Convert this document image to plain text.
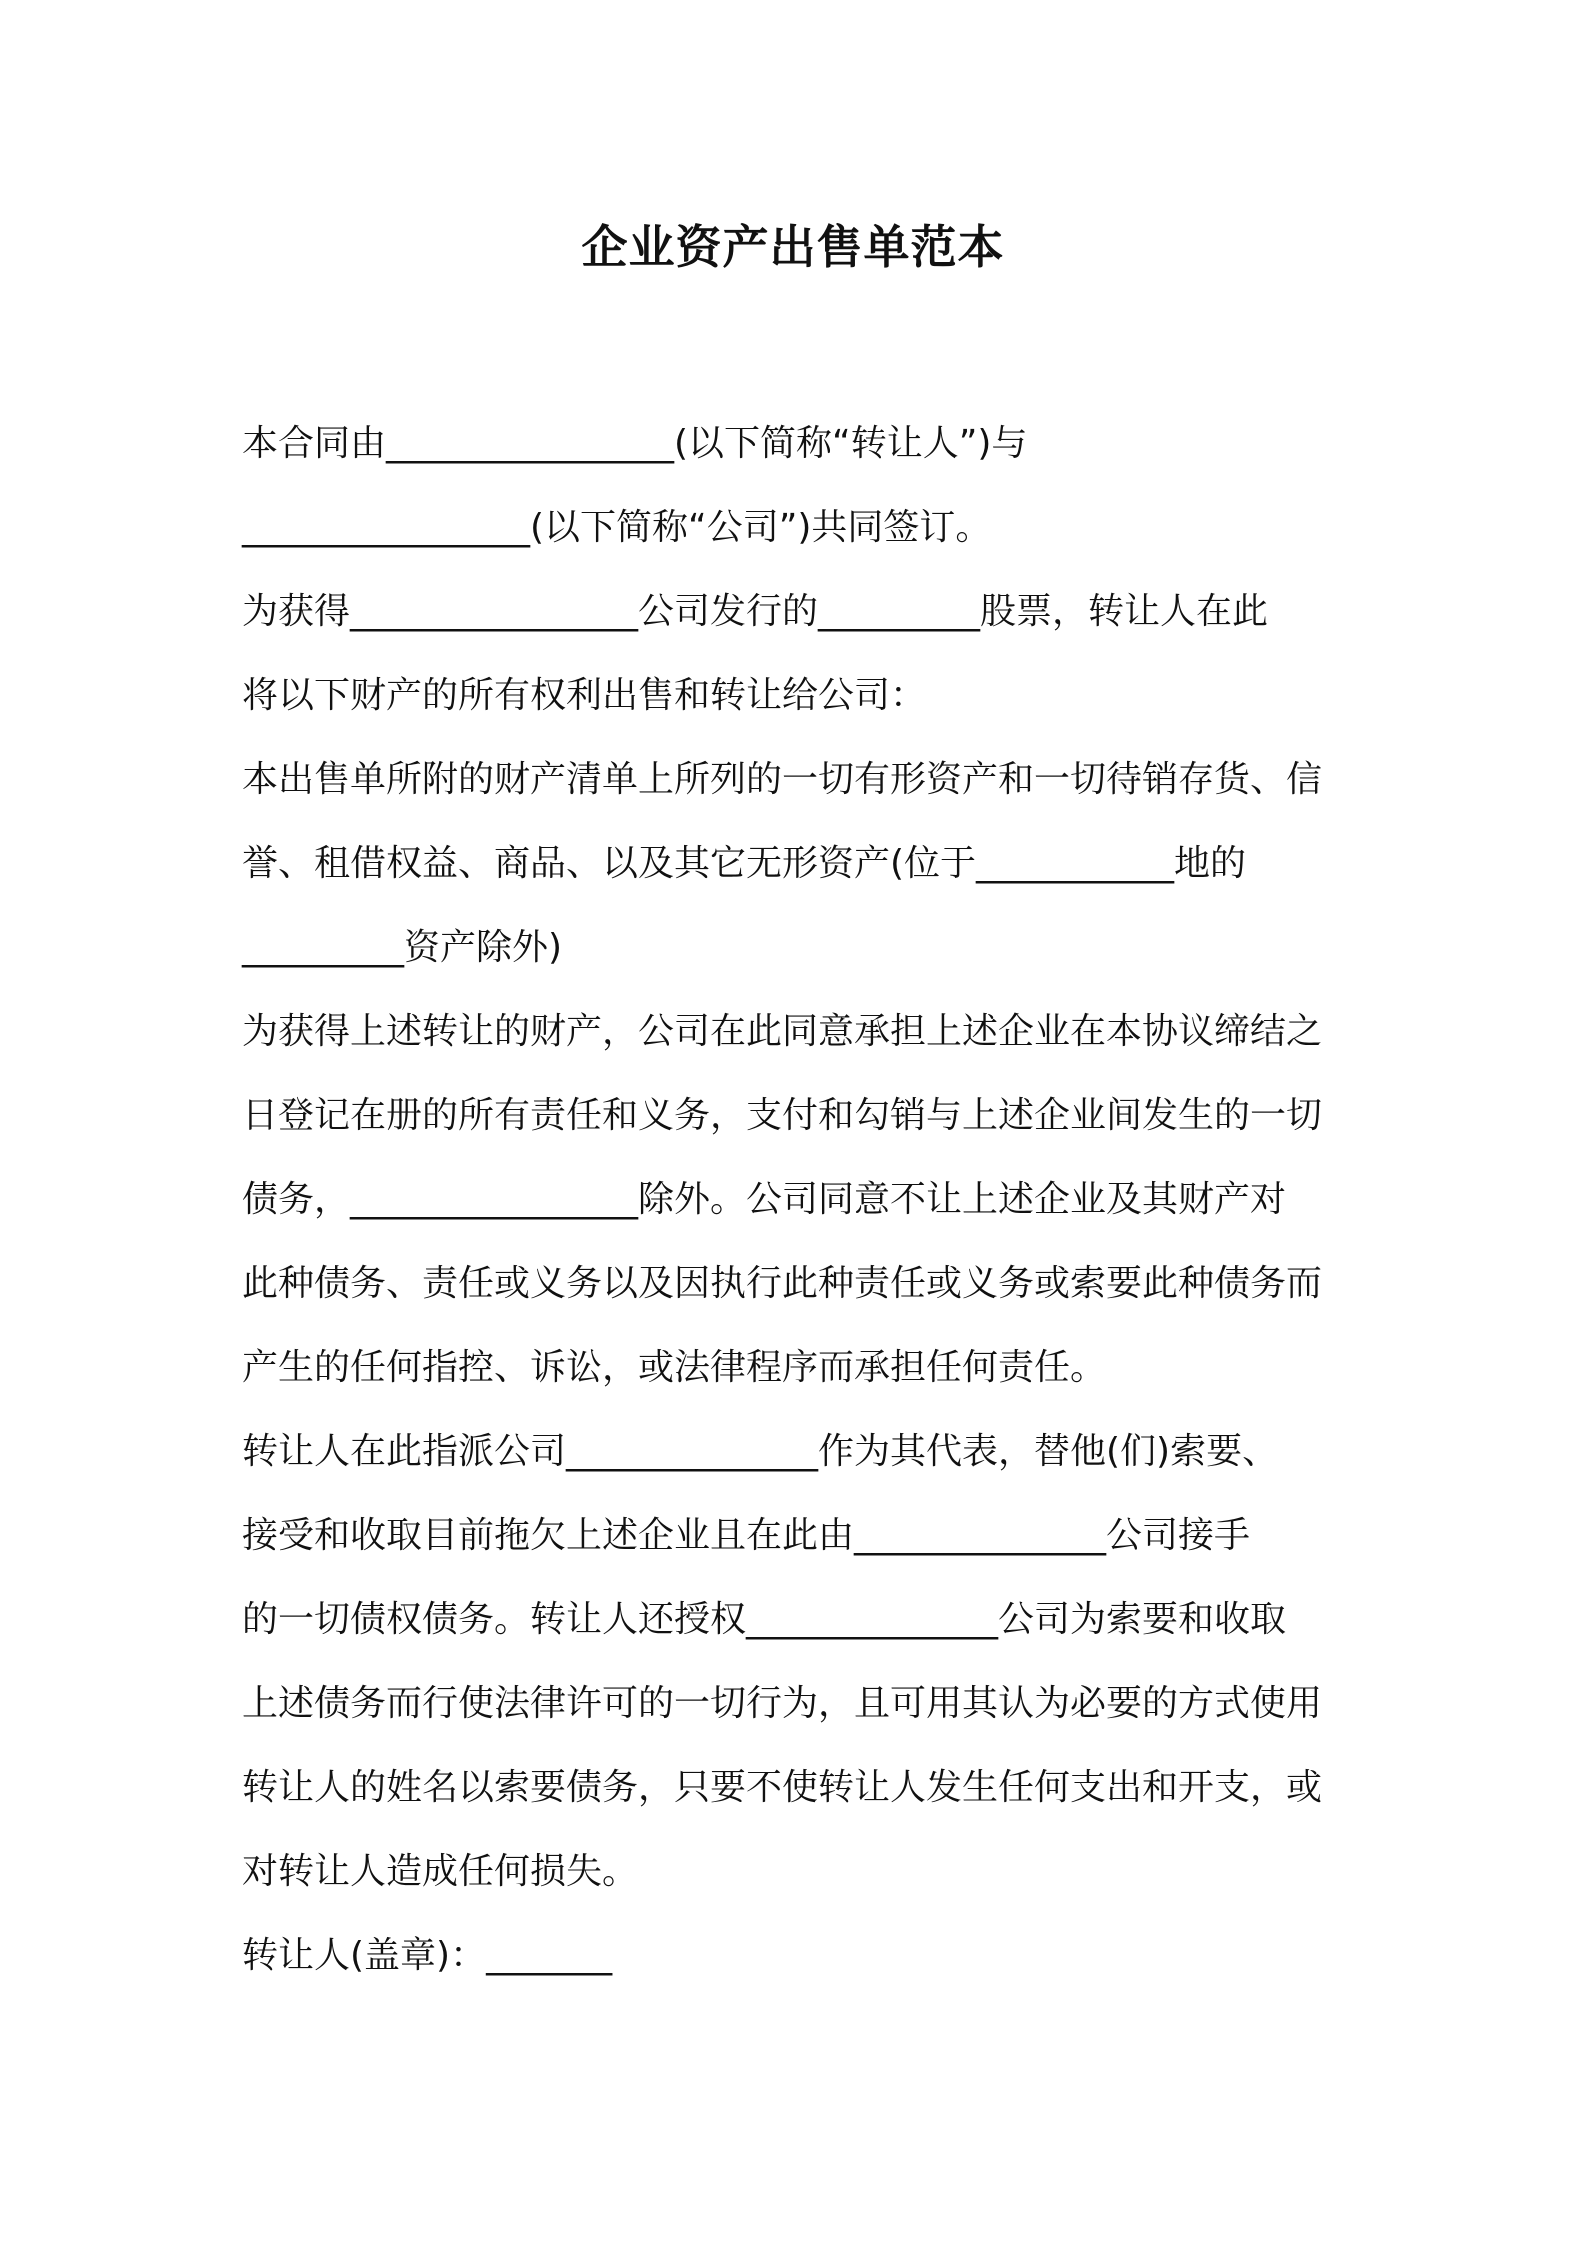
企业资产出售单范本
本合同由________________(以下简称“转让人”)与
________________(以下简称“公司”)共同签订。
为获得________________公司发行的_________股票，转让人在此
将以下财产的所有权利出售和转让给公司：
本出售单所附的财产清单上所列的一切有形资产和一切待销存货、信
誉、租借权益、商品、以及其它无形资产(位于___________地的
_________资产除外)
为获得上述转让的财产，公司在此同意承担上述企业在本协议缔结之
日登记在册的所有责任和义务，支付和勾销与上述企业间发生的一切
债务，________________除外。公司同意不让上述企业及其财产对
此种债务、责任或义务以及因执行此种责任或义务或索要此种债务而
产生的任何指控、诉讼，或法律程序而承担任何责任。
转让人在此指派公司______________作为其代表，替他(们)索要、
接受和收取目前拖欠上述企业且在此由______________公司接手
的一切债权债务。转让人还授权______________公司为索要和收取
上述债务而行使法律许可的一切行为，且可用其认为必要的方式使用
转让人的姓名以索要债务，只要不使转让人发生任何支出和开支，或
对转让人造成任何损失。
转让人(盖章)：_______
